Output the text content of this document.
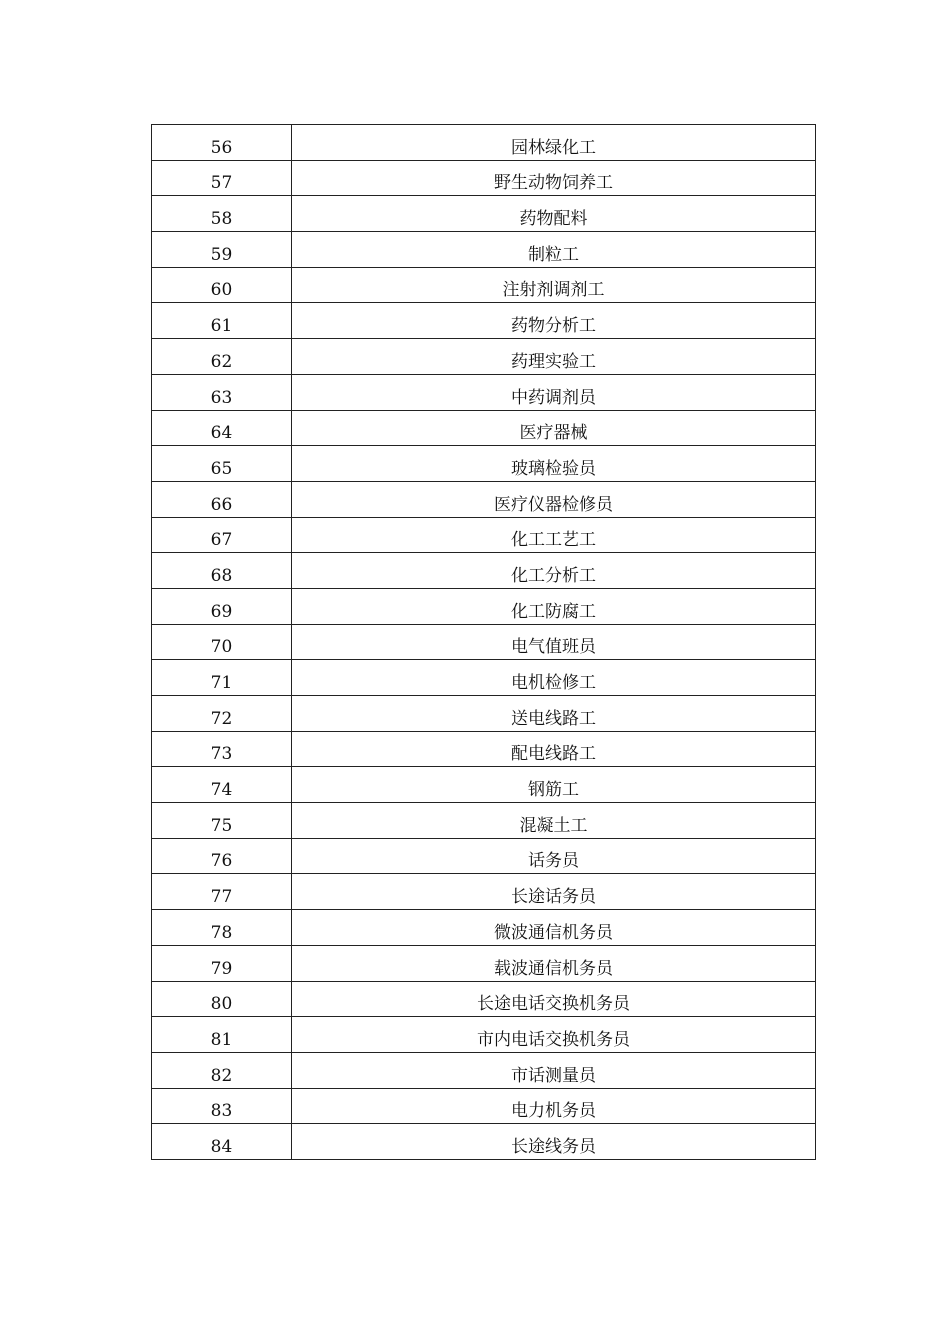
56	园林绿化工
57	野生动物饲养工
58	药物配料
59	制粒工
60	注射剂调剂工
61	药物分析工
62	药理实验工
63	中药调剂员
64	医疗器械
65	玻璃检验员
66	医疗仪器检修员
67	化工工艺工
68	化工分析工
69	化工防腐工
70	电气值班员
71	电机检修工
72	送电线路工
73	配电线路工
74	钢筋工
75	混凝土工
76	话务员
77	长途话务员
78	微波通信机务员
79	载波通信机务员
80	长途电话交换机务员
81	市内电话交换机务员
82	市话测量员
83	电力机务员
84	长途线务员
